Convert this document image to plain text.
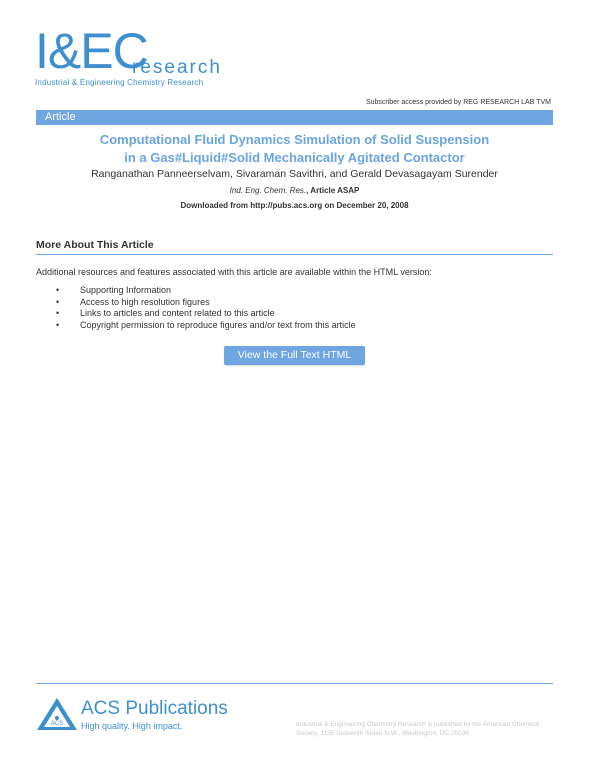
I&EC
research
Industrial & Engineering Chemistry Research
Subscriber access provided by REG RESEARCH LAB TVM
Article
Computational Fluid Dynamics Simulation of Solid Suspension
in a Gas#Liquid#Solid Mechanically Agitated Contactor
Ranganathan Panneerselvam, Sivaraman Savithri, and Gerald Devasagayam Surender
Ind. Eng. Chem. Res., Article ASAP
Downloaded from http://pubs.acs.org on December 20, 2008
More About This Article
Additional resources and features associated with this article are available within the HTML version:
• Supporting Information
• Access to high resolution figures
• Links to articles and content related to this article
• Copyright permission to reproduce figures and/or text from this article
View the Full Text HTML
ACS
ACS Publications
High quality. High impact.	Industrial & Engineering Chemistry Research is published by the American Chemical Society. 1155 Sixteenth Street N.W., Washington, DC 20036
